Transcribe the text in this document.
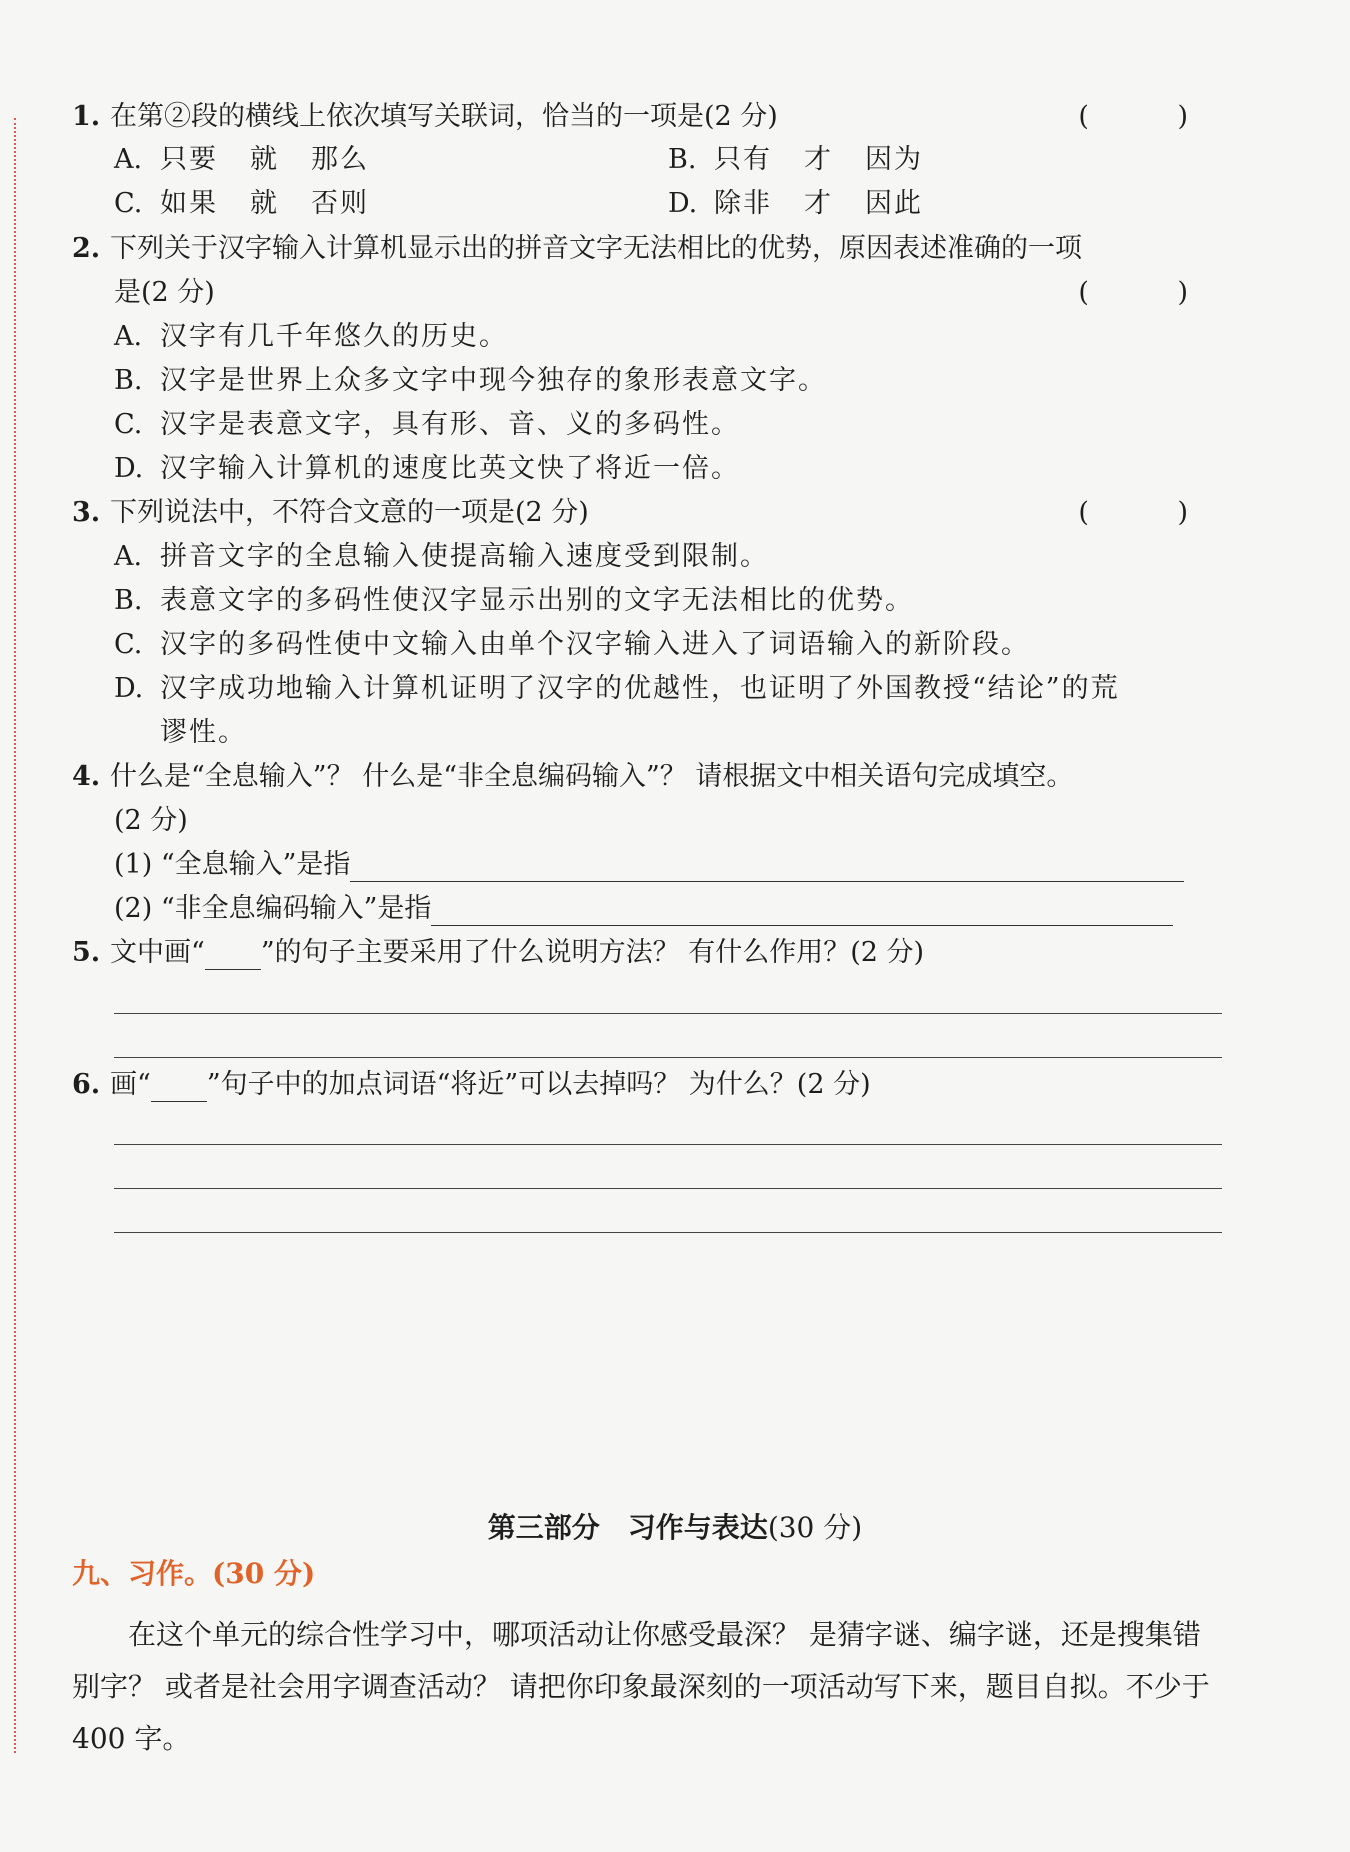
1. 在第②段的横线上依次填写关联词，恰当的一项是(2 分)	( )
A. 只要 就 那么	B. 只有 才 因为
C. 如果 就 否则	D. 除非 才 因此
2. 下列关于汉字输入计算机显示出的拼音文字无法相比的优势，原因表述准确的一项
是(2 分)	( )
A. 汉字有几千年悠久的历史。
B. 汉字是世界上众多文字中现今独存的象形表意文字。
C. 汉字是表意文字，具有形、音、义的多码性。
D. 汉字输入计算机的速度比英文快了将近一倍。
3. 下列说法中，不符合文意的一项是(2 分)	( )
A. 拼音文字的全息输入使提高输入速度受到限制。
B. 表意文字的多码性使汉字显示出别的文字无法相比的优势。
C. 汉字的多码性使中文输入由单个汉字输入进入了词语输入的新阶段。
D. 汉字成功地输入计算机证明了汉字的优越性，也证明了外国教授“结论”的荒
谬性。
4. 什么是“全息输入”？ 什么是“非全息编码输入”？ 请根据文中相关语句完成填空。
(2 分)
(1) “全息输入”是指
(2) “非全息编码输入”是指
5. 文中画“ ”的句子主要采用了什么说明方法？ 有什么作用？(2 分)
6. 画“ ”句子中的加点词语“将近”可以去掉吗？ 为什么？(2 分)
第三部分　习作与表达(30 分)
九、习作。(30 分)
在这个单元的综合性学习中，哪项活动让你感受最深？ 是猜字谜、编字谜，还是搜集错别字？ 或者是社会用字调查活动？ 请把你印象最深刻的一项活动写下来，题目自拟。不少于 400 字。
